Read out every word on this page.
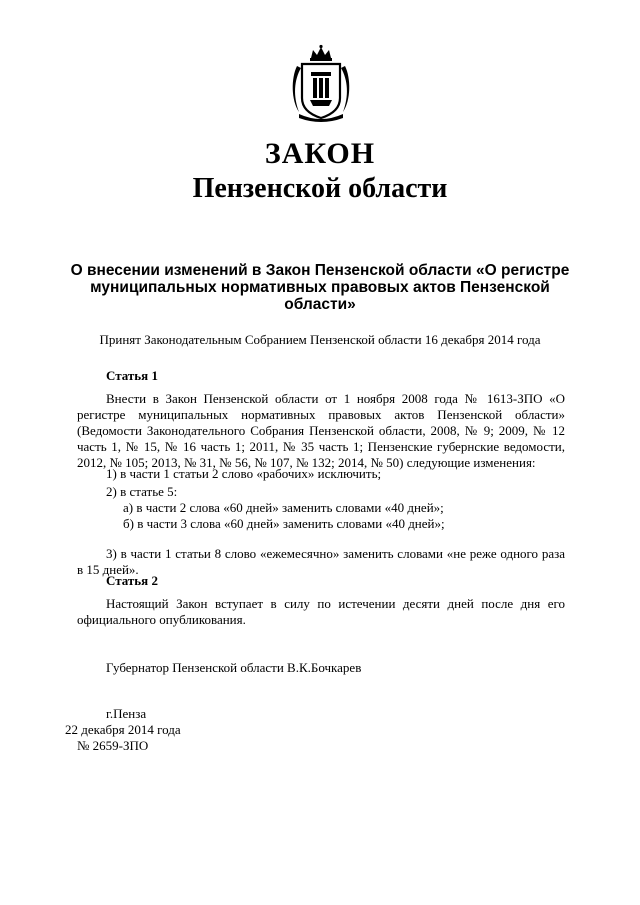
ЗАКОН
Пензенской области

О внесении изменений в Закон Пензенской области «О регистре муниципальных нормативных правовых актов Пензенской области»

Принят Законодательным Собранием Пензенской области 16 декабря 2014 года

Статья 1

Внести в Закон Пензенской области от 1 ноября 2008 года № 1613-ЗПО «О регистре муниципальных нормативных правовых актов Пензенской области» (Ведомости Законодательного Собрания Пензенской области, 2008, № 9; 2009, № 12 часть 1, № 15, № 16 часть 1; 2011, № 35 часть 1; Пензенские губернские ведомости, 2012, № 105; 2013, № 31, № 56, № 107, № 132; 2014, № 50) следующие изменения:

1) в части 1 статьи 2 слово «рабочих» исключить;

2) в статье 5:

а) в части 2 слова «60 дней» заменить словами «40 дней»;

б) в части 3 слова «60 дней» заменить словами «40 дней»;

3) в части 1 статьи 8 слово «ежемесячно» заменить словами «не реже одного раза в 15 дней».

Статья 2

Настоящий Закон вступает в силу по истечении десяти дней после дня его официального опубликования.

Губернатор Пензенской области В.К.Бочкарев

г.Пенза

22 декабря 2014 года

№ 2659-ЗПО
